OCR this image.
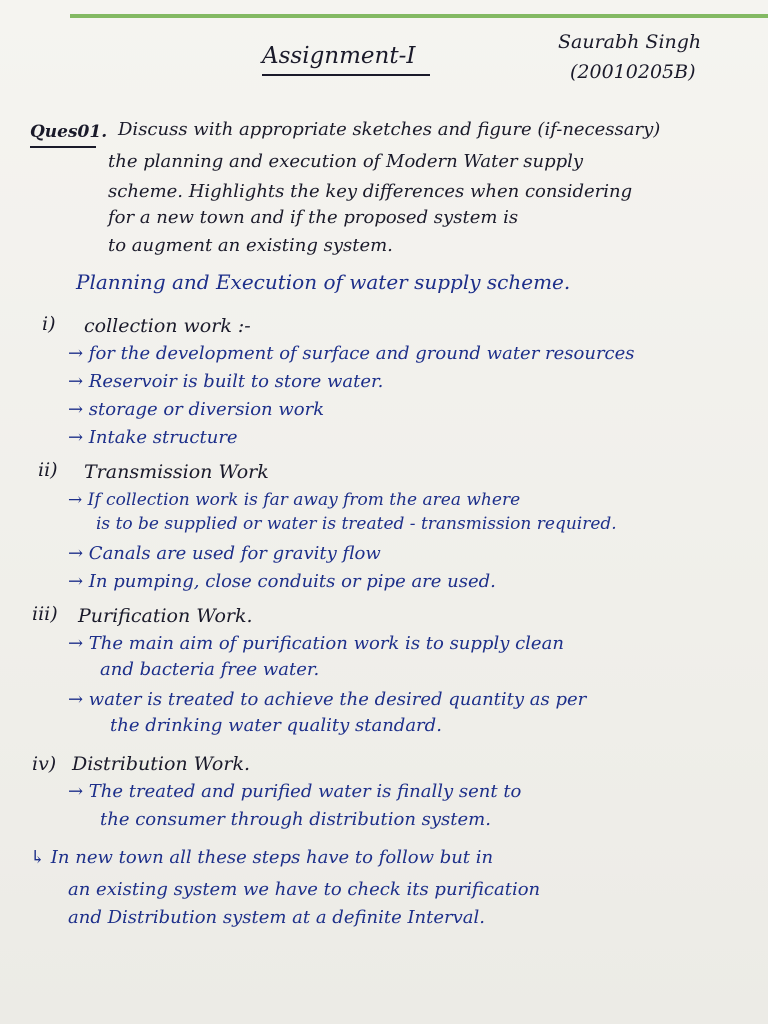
Assignment-I
Saurabh Singh
(20010205B)
Ques01. Discuss with appropriate sketches and figure (if-necessary)
the planning and execution of Modern Water supply
scheme. Highlights the key differences when considering
for a new town and if the proposed system is
to augment an existing system.
Planning and Execution of water supply scheme.
i) collection work :-
→ for the development of surface and ground water resources
→ Reservoir is built to store water.
→ storage or diversion work
→ Intake structure
ii) Transmission Work
→ If collection work is far away from the area where
is to be supplied or water is treated - transmission required.
→ Canals are used for gravity flow
→ In pumping, close conduits or pipe are used.
iii) Purification Work.
→ The main aim of purification work is to supply clean
and bacteria free water.
→ water is treated to achieve the desired quantity as per
the drinking water quality standard.
iv) Distribution Work.
→ The treated and purified water is finally sent to
the consumer through distribution system.
↳ In new town all these steps have to follow but in
an existing system we have to check its purification
and Distribution system at a definite Interval.
